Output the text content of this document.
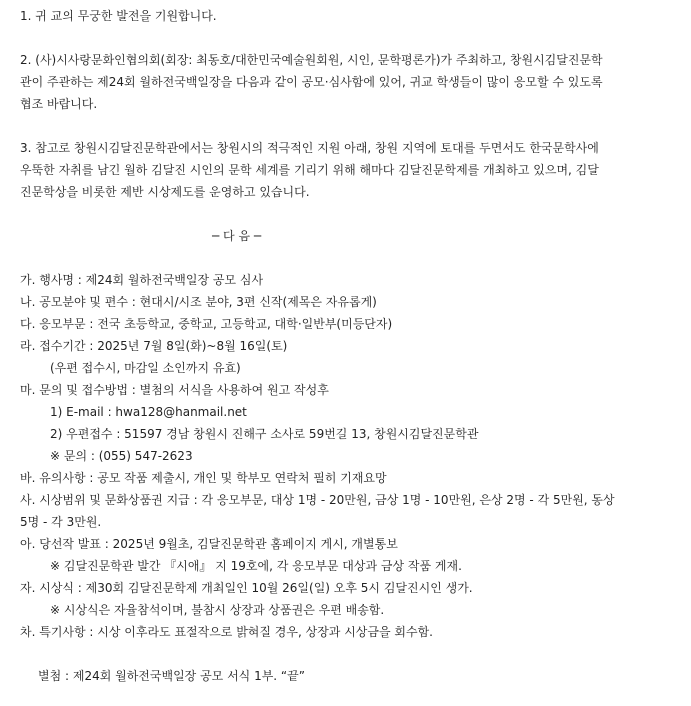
1. 귀 교의 무궁한 발전을 기원합니다.
2. (사)시사랑문화인협의회(회장: 최동호/대한민국예술원회원, 시인, 문학평론가)가 주최하고, 창원시김달진문학
관이 주관하는 제24회 월하전국백일장을 다음과 같이 공모·심사함에 있어, 귀교 학생들이 많이 응모할 수 있도록
협조 바랍니다.
3. 참고로 창원시김달진문학관에서는 창원시의 적극적인 지원 아래, 창원 지역에 토대를 두면서도 한국문학사에
우뚝한 자취를 남긴 월하 김달진 시인의 문학 세계를 기리기 위해 해마다 김달진문학제를 개최하고 있으며, 김달
진문학상을 비롯한 제반 시상제도를 운영하고 있습니다.
─ 다 음 ─
가. 행사명 : 제24회 월하전국백일장 공모 심사
나. 공모분야 및 편수 : 현대시/시조 분야, 3편 신작(제목은 자유롭게)
다. 응모부문 : 전국 초등학교, 중학교, 고등학교, 대학·일반부(미등단자)
라. 접수기간 : 2025년 7월 8일(화)~8월 16일(토)
(우편 접수시, 마감일 소인까지 유효)
마. 문의 및 접수방법 : 별첨의 서식을 사용하여 원고 작성후
1) E-mail : hwa128@hanmail.net
2) 우편접수 : 51597 경남 창원시 진해구 소사로 59번길 13, 창원시김달진문학관
※ 문의 : (055) 547-2623
바. 유의사항 : 공모 작품 제출시, 개인 및 학부모 연락처 필히 기재요망
사. 시상범위 및 문화상품권 지급 : 각 응모부문, 대상 1명 - 20만원, 금상 1명 - 10만원, 은상 2명 - 각 5만원, 동상
5명 - 각 3만원.
아. 당선작 발표 : 2025년 9월초, 김달진문학관 홈페이지 게시, 개별통보
※ 김달진문학관 발간 『시애』 지 19호에, 각 응모부문 대상과 금상 작품 게재.
자. 시상식 : 제30회 김달진문학제 개최일인 10월 26일(일) 오후 5시 김달진시인 생가.
※ 시상식은 자율참석이며, 불참시 상장과 상품권은 우편 배송함.
차. 특기사항 : 시상 이후라도 표절작으로 밝혀질 경우, 상장과 시상금을 회수함.
별첨 : 제24회 월하전국백일장 공모 서식 1부. “끝”
